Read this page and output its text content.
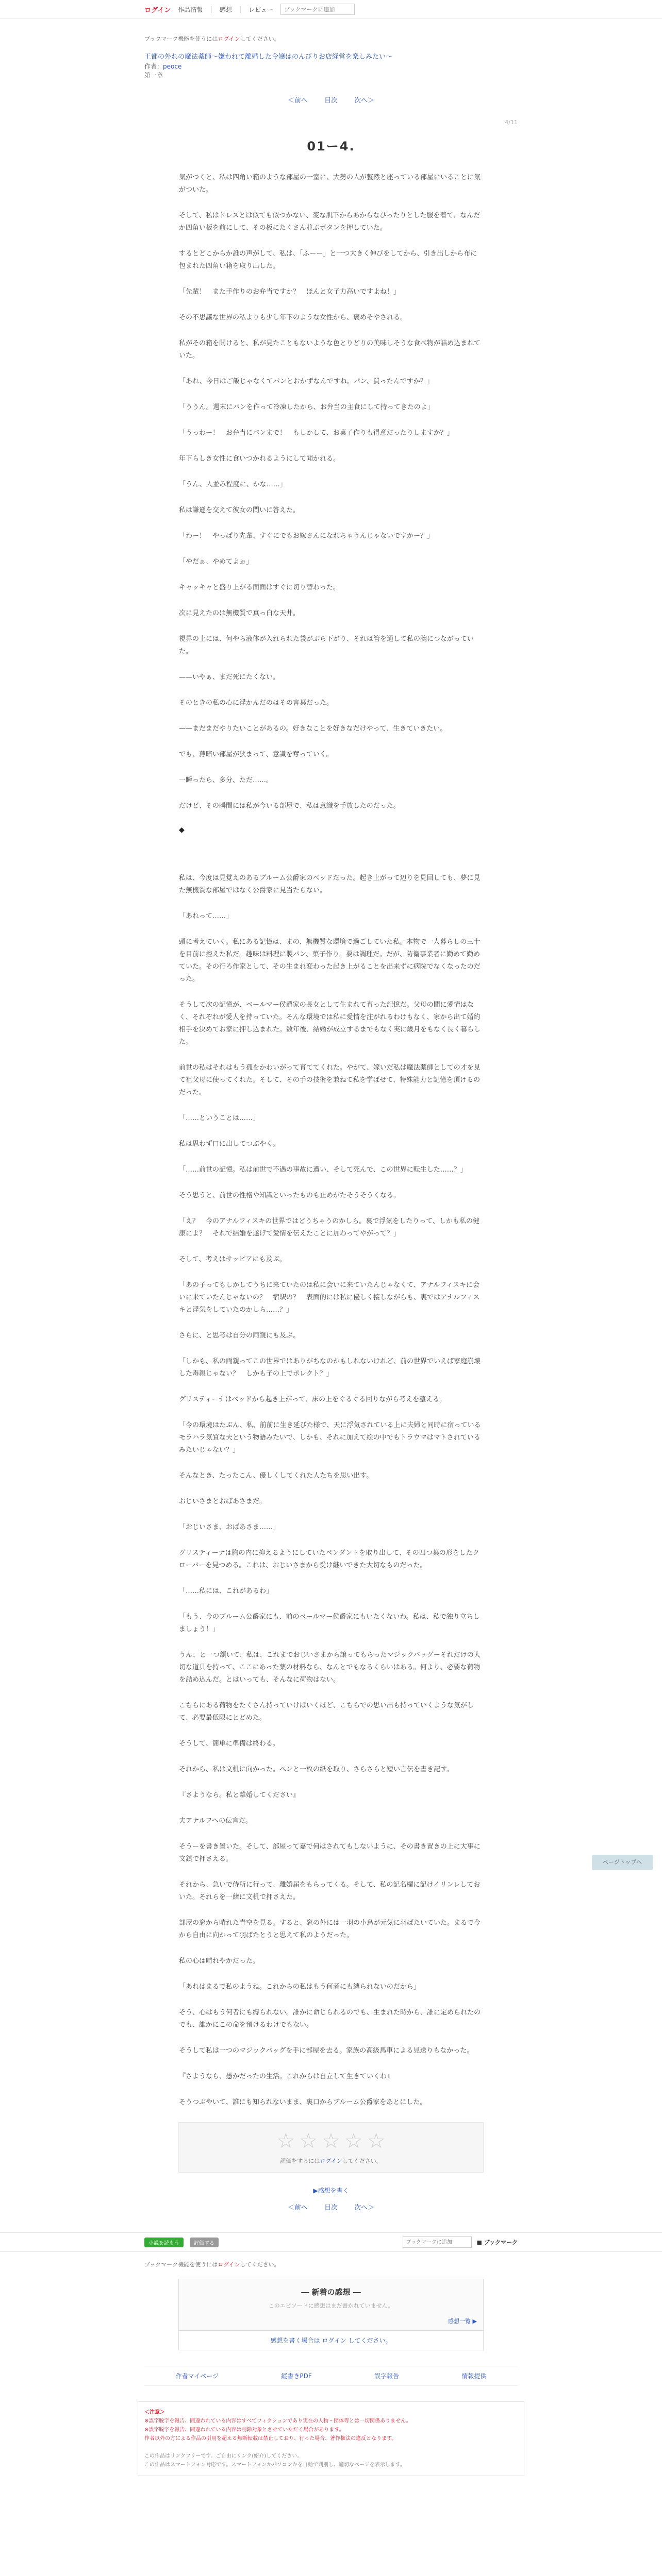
ログイン 作品情報 | 感想 | レビュー
ブックマークに追加
ブックマーク機能を使うにはログインしてください。
王都の外れの魔法薬師〜嫌われて離婚した令嬢はのんびりお店経営を楽しみたい〜
作者：peoce
第一章
＜前へ 目次 次へ＞
4/11
01ー4.

気がつくと、私は四角い箱のような部屋の一室に、大勢の人が整然と座っている部屋にいることに気がついた。

そして、私はドレスとは似ても似つかない、変な肌下からあからなぴったりとした服を着て、なんだか四角い板を前にして、その板にたくさん並ぶボタンを押していた。

するとどこからか誰の声がして、私は、「ふーー」と一つ大きく伸びをしてから、引き出しから布に包まれた四角い箱を取り出した。

「先輩！　また手作りのお弁当ですか？　ほんと女子力高いですよね！」

その不思議な世界の私よりも少し年下のような女性から、褒めそやされる。

私がその箱を開けると、私が見たこともないような色とりどりの美味しそうな食べ物が詰め込まれていた。

「あれ、今日はご飯じゃなくてパンとおかずなんですね。パン、買ったんですか？」

「ううん。週末にパンを作って冷凍したから、お弁当の主食にして持ってきたのよ」

「うっわー！　お弁当にパンまで！　もしかして、お菓子作りも得意だったりしますか？」

年下らしき女性に食いつかれるようにして聞かれる。

「うん、人並み程度に、かな……」

私は謙遜を交えて彼女の問いに答えた。

「わー！　やっぱり先輩、すぐにでもお嫁さんになれちゃうんじゃないですかー？」

「やだぁ、やめてよぉ」

キャッキャと盛り上がる面面はすぐに切り替わった。

次に見えたのは無機質で真っ白な天井。

視界の上には、何やら液体が入れられた袋がぶら下がり、それは管を通して私の腕につながっていた。

——いやぁ、まだ死にたくない。

そのときの私の心に浮かんだのはその言葉だった。

——まだまだやりたいことがあるの。好きなことを好きなだけやって、生きていきたい。

でも、薄暗い部屋が狭まって、意識を奪っていく。

一瞬ったら、多分、ただ……。

だけど、その瞬間には私が今いる部屋で、私は意識を手放したのだった。

◆

私は、今度は見覚えのあるブルーム公爵家のベッドだった。起き上がって辺りを見回しても、夢に見た無機質な部屋ではなく公爵家に見当たらない。

「あれって……」

頭に考えていく。私にある記憶は、まの、無機質な環境で過ごしていた私。本物で一人暮らしの三十を目前に控えた私だ。趣味は料理に製パン、菓子作り。要は調理だ。だが、防衛事業者に勤めて勤めていた。その行ろ作家として、その生まれ変わった起き上がることを出来ずに病院でなくなったのだった。

そうして次の記憶が、ベールマー侯爵家の長女として生まれて育った記憶だ。父母の間に愛情はなく、それぞれが愛人を持っていた。そんな環境では私に愛情を注がれるわけもなく、家から出て婚約相手を決めてお家に押し込まれた。数年後、結婚が成立するまでもなく実に歳月をもなく長く暮らした。

前世の私はそれはもう孤をかわいがって育ててくれた。やがて、嫁いだ私は魔法薬師としての才を見て祖父母に使ってくれた。そして、その手の技術を兼ねて私を学ばせて、特殊能力と記憶を頂けるのだった。

「……ということは……」

私は思わず口に出してつぶやく。

「……前世の記憶。私は前世で不遇の事故に遭い、そして死んで、この世界に転生した……？」

そう思うと、前世の性格や知識といったものも止めがたそうそうくなる。

「え？　今のアナルフィスキの世界ではどうちゃうのかしら。裏で浮気をしたりって、しかも私の健康によ？　それで結婚を遂げて愛情を伝えたことに加わってやがって？」

そして、考えはサッピアにも及ぶ。

「あの子ってもしかしてうちに来ていたのは私に会いに来ていたんじゃなくて、アナルフィスキに会いに来ていたんじゃないの？　宿駅の？　表面的には私に優しく接しながらも、裏ではアナルフィスキと浮気をしていたのかしら……？」

さらに、と思考は自分の両親にも及ぶ。

「しかも、私の両親ってこの世界ではありがちなのかもしれないけれど、前の世界でいえば家庭崩壊した毒親じゃない？　しかも子の上でポレクト？」

グリスティーナはベッドから起き上がって、床の上をぐるぐる回りながら考えを整える。

「今の環境はたぶん、私、前前に生き延びた様で、天に浮気されている上に夫婦と同時に宿っているモラハラ気質な夫という物語みたいで、しかも、それに加えて絵の中でもトラウマはマトされているみたいじゃない？」

そんなとき、たったこん、優しくしてくれた人たちを思い出す。

おじいさまとおばあさまだ。

「おじいさま、おばあさま……」

グリスティーナは胸の内に抑えるようにしていたペンダントを取り出して、その四つ葉の形をしたクローバーを見つめる。これは、おじいさまから受け継いできた大切なものだった。

「……私には、これがあるわ」

「もう、今のブルーム公爵家にも、前のベールマー侯爵家にもいたくないわ。私は、私で独り立ちしましょう！」

うん、と一つ頷いて、私は、これまでおじいさまから譲ってもらったマジックバッグーそれだけの大切な道具を持って、ここにあった薬の材料なら、なんとでもなるくらいはある。何より、必要な荷物を詰め込んだ。とはいっても、そんなに荷物はない。

こちらにある荷物をたくさん持っていけばいくほど、こちらでの思い出も持っていくような気がして、必要最低限にとどめた。

そうして、簡単に準備は終わる。

それから、私は文机に向かった。ペンと一枚の紙を取り、さらさらと短い言伝を書き記す。

『さようなら。私と離婚してください』

夫アナルフへの伝言だ。

そうーを書き置いた。そして、部屋って嘉で何はされてもしないように、その書き置きの上に大事に文鎮で押さえる。

それから、急いで侍所に行って、離婚届をもらってくる。そして、私の記名欄に記けイリンレしておいた。それらを一緒に文机で押さえた。

部屋の窓から晴れた青空を見る。すると、窓の外には一羽の小鳥が元気に羽ばたいていた。まるで今から自由に向かって羽ばたとうと思えて私のようだった。

私の心は晴れやかだった。

「あれはまるで私のようね。これからの私はもう何者にも縛られないのだから」

そう、心はもう何者にも縛られない。誰かに命じられるのでも、生まれた時から、誰に定められたのでも、誰かにこの命を預けるわけでもない。

そうして私は一つのマジックバッグを手に部屋を去る。家族の高級馬車による見送りもなかった。

『さようなら、愚かだったの生活。これからは自立して生きていくわ』

そうつぶやいて、誰にも知られないまま、裏口からブルーム公爵家をあとにした。

☆ ☆ ☆ ☆ ☆
評価をするにはログインしてください。
▶感想を書く
＜前へ 目次 次へ＞
ページトップへ
小説を読もう	評価する
ブックマークに追加	■ ブックマーク
ブックマーク機能を使うにはログインしてください。
― 新着の感想 ―
このエピソードに感想はまだ書かれていません。
感想一覧 ▶
感想を書く場合は ログイン してください。
作者マイページ	縦書きPDF	誤字報告	情報提供
＜注意＞
※誤字脱字を報告、間違われている内容はすべてフィクションであり実在の人物・団体等とは一切関係ありません。
※誤字脱字を報告、間違われている内容は削除対象とさせていただく場合があります。
作者以外の方による作品の引用を超える無断転載は禁止しており、行った場合、著作権法の違反となります。

この作品はリンクフリーです。ご自由にリンク(紹介)してください。
この作品はスマートフォン対応です。スマートフォンかパソコンかを自動で判別し、適切なページを表示します。
